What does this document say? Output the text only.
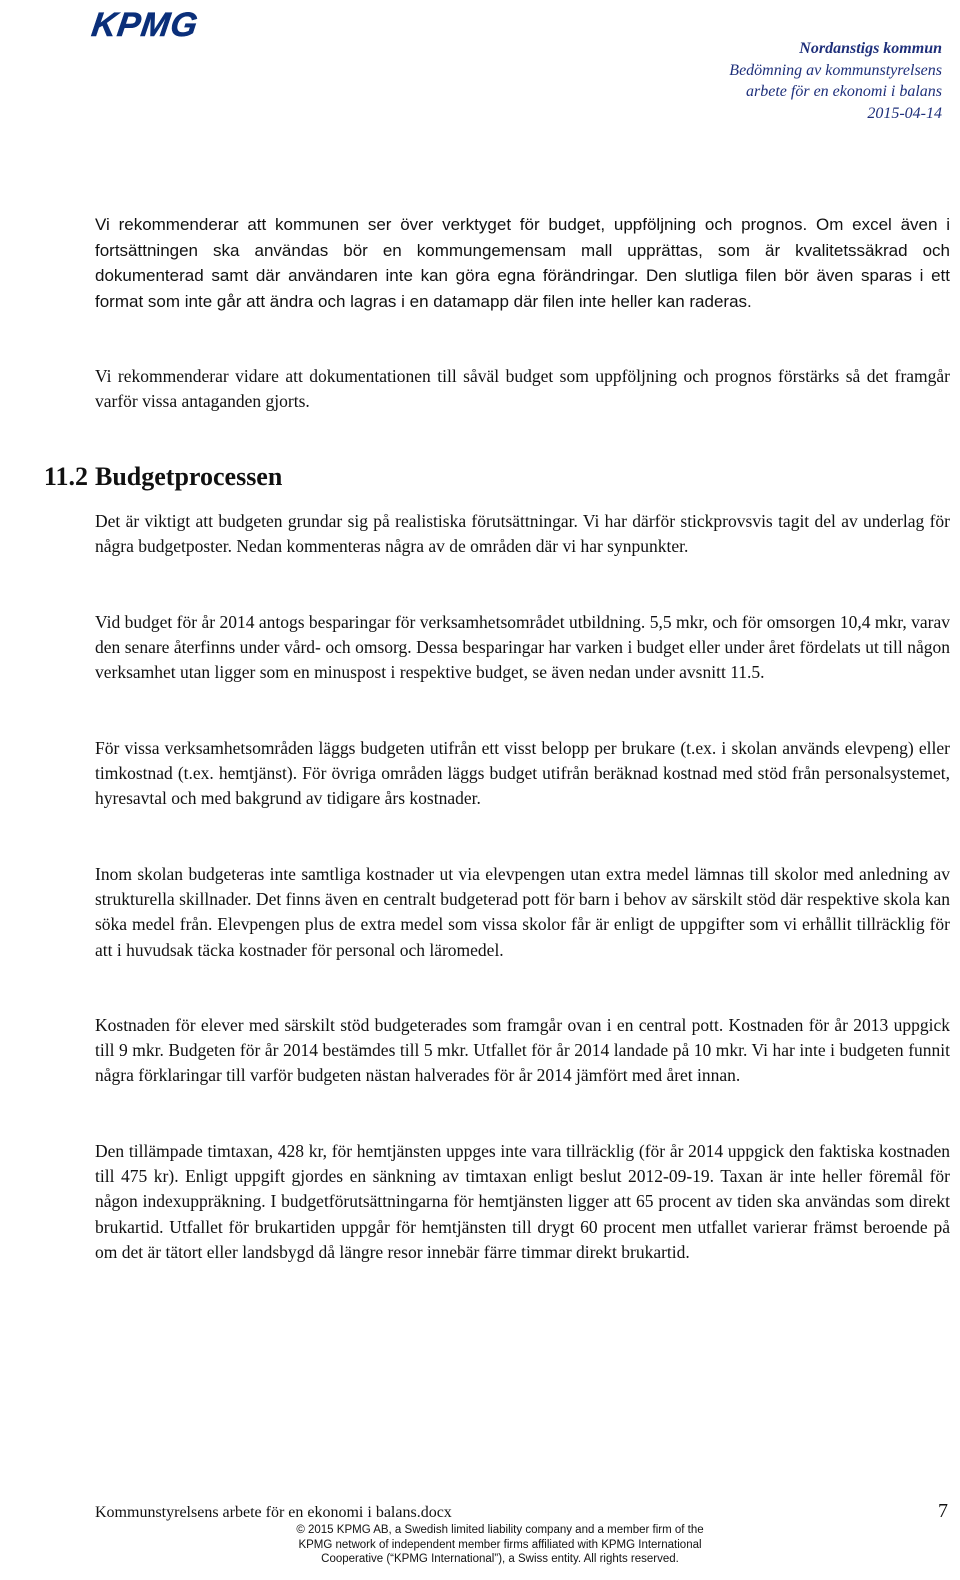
KPMG
Nordanstigs kommun
Bedömning av kommunstyrelsens
arbete för en ekonomi i balans
2015-04-14
Vi rekommenderar att kommunen ser över verktyget för budget, uppföljning och prognos. Om excel även i fortsättningen ska användas bör en kommungemensam mall upprättas, som är kvalitetssäkrad och dokumenterad samt där användaren inte kan göra egna förändringar. Den slutliga filen bör även sparas i ett format som inte går att ändra och lagras i en datamapp där filen inte heller kan raderas.
Vi rekommenderar vidare att dokumentationen till såväl budget som uppföljning och prognos förstärks så det framgår varför vissa antaganden gjorts.
11.2 Budgetprocessen
Det är viktigt att budgeten grundar sig på realistiska förutsättningar. Vi har därför stickprovsvis tagit del av underlag för några budgetposter. Nedan kommenteras några av de områden där vi har synpunkter.
Vid budget för år 2014 antogs besparingar för verksamhetsområdet utbildning. 5,5 mkr, och för omsorgen 10,4 mkr, varav den senare återfinns under vård- och omsorg. Dessa besparingar har varken i budget eller under året fördelats ut till någon verksamhet utan ligger som en minuspost i respektive budget, se även nedan under avsnitt 11.5.
För vissa verksamhetsområden läggs budgeten utifrån ett visst belopp per brukare (t.ex. i skolan används elevpeng) eller timkostnad (t.ex. hemtjänst). För övriga områden läggs budget utifrån beräknad kostnad med stöd från personalsystemet, hyresavtal och med bakgrund av tidigare års kostnader.
Inom skolan budgeteras inte samtliga kostnader ut via elevpengen utan extra medel lämnas till skolor med anledning av strukturella skillnader. Det finns även en centralt budgeterad pott för barn i behov av särskilt stöd där respektive skola kan söka medel från. Elevpengen plus de extra medel som vissa skolor får är enligt de uppgifter som vi erhållit tillräcklig för att i huvudsak täcka kostnader för personal och läromedel.
Kostnaden för elever med särskilt stöd budgeterades som framgår ovan i en central pott. Kostnaden för år 2013 uppgick till 9 mkr. Budgeten för år 2014 bestämdes till 5 mkr. Utfallet för år 2014 landade på 10 mkr. Vi har inte i budgeten funnit några förklaringar till varför budgeten nästan halverades för år 2014 jämfört med året innan.
Den tillämpade timtaxan, 428 kr, för hemtjänsten uppges inte vara tillräcklig (för år 2014 uppgick den faktiska kostnaden till 475 kr). Enligt uppgift gjordes en sänkning av timtaxan enligt beslut 2012-09-19. Taxan är inte heller föremål för någon indexuppräkning. I budgetförutsättningarna för hemtjänsten ligger att 65 procent av tiden ska användas som direkt brukartid. Utfallet för brukartiden uppgår för hemtjänsten till drygt 60 procent men utfallet varierar främst beroende på om det är tätort eller landsbygd då längre resor innebär färre timmar direkt brukartid.
Kommunstyrelsens arbete för en ekonomi i balans.docx	7
© 2015 KPMG AB, a Swedish limited liability company and a member firm of the
KPMG network of independent member firms affiliated with KPMG International
Cooperative (“KPMG International”), a Swiss entity. All rights reserved.
